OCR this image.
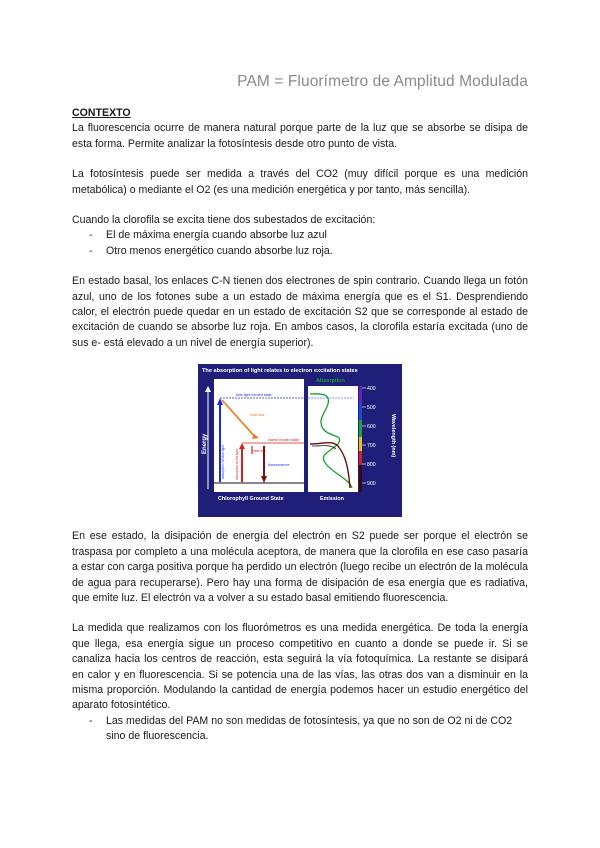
PAM = Fluorímetro de Amplitud Modulada

CONTEXTO

La fluorescencia ocurre de manera natural porque parte de la luz que se absorbe se disipa de esta forma. Permite analizar la fotosíntesis desde otro punto de vista.

La fotosíntesis puede ser medida a través del CO2 (muy difícil porque es una medición metabólica) o mediante el O2 (es una medición energética y por tanto, más sencilla).

Cuando la clorofila se excita tiene dos subestados de excitación:

- El de máxima energía cuando absorbe luz azul
- Otro menos energético cuando absorbe luz roja.

En estado basal, los enlaces C-N tienen dos electrones de spin contrario. Cuando llega un fotón azul, uno de los fotones sube a un estado de máxima energía que es el S1. Desprendiendo calor, el electrón puede quedar en un estado de excitación S2 que se corresponde al estado de excitación de cuando se absorbe luz roja. En ambos casos, la clorofila estaría excitada (uno de sus e- está elevado a un nivel de energía superior).

The absorption of light relates to electron excitation states
Energy
blue light excited state
lowest excited state
absorption of blue light	absorption of red light
heat loss
heat loss
fluorescence
Chlorophyll Ground State
Absorption
Emission
400
500
600
700
800
900
Wavelength (nm)

En ese estado, la disipación de energía del electrón en S2 puede ser porque el electrón se traspasa por completo a una molécula aceptora, de manera que la clorofila en ese caso pasaría a estar con carga positiva porque ha perdido un electrón (luego recibe un electrón de la molécula de agua para recuperarse). Pero hay una forma de disipación de esa energía que es radiativa, que emite luz. El electrón va a volver a su estado basal emitiendo fluorescencia.

La medida que realizamos con los fluorómetros es una medida energética. De toda la energía que llega, esa energía sigue un proceso competitivo en cuanto a donde se puede ir. Si se canaliza hacia los centros de reacción, esta seguirá la vía fotoquímica. La restante se disipará en calor y en fluorescencia. Si se potencia una de las vías, las otras dos van a disminuir en la misma proporción. Modulando la cantidad de energía podemos hacer un estudio energético del aparato fotosintético.

- Las medidas del PAM no son medidas de fotosíntesis, ya que no son de O2 ni de CO2 sino de fluorescencia.
